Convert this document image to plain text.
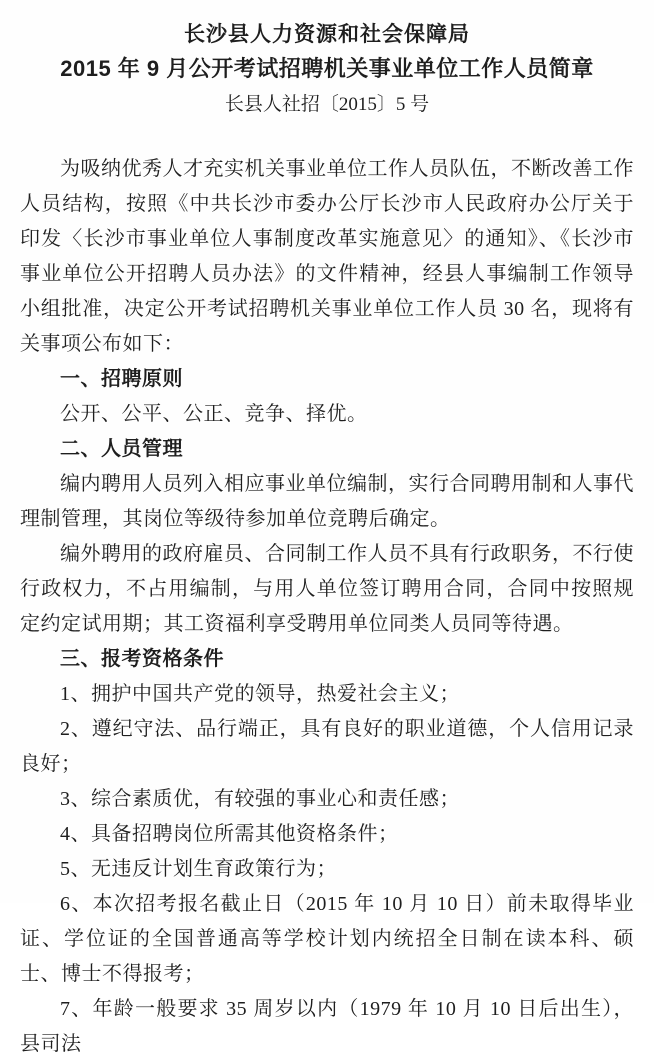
长沙县人力资源和社会保障局
2015 年 9 月公开考试招聘机关事业单位工作人员简章
长县人社招〔2015〕5 号

为吸纳优秀人才充实机关事业单位工作人员队伍，不断改善工作人员结构，按照《中共长沙市委办公厅长沙市人民政府办公厅关于印发〈长沙市事业单位人事制度改革实施意见〉的通知》、《长沙市事业单位公开招聘人员办法》的文件精神，经县人事编制工作领导小组批准，决定公开考试招聘机关事业单位工作人员 30 名，现将有关事项公布如下：

一、招聘原则

公开、公平、公正、竞争、择优。

二、人员管理

编内聘用人员列入相应事业单位编制，实行合同聘用制和人事代理制管理，其岗位等级待参加单位竞聘后确定。

编外聘用的政府雇员、合同制工作人员不具有行政职务，不行使行政权力，不占用编制，与用人单位签订聘用合同，合同中按照规定约定试用期；其工资福利享受聘用单位同类人员同等待遇。

三、报考资格条件

1、拥护中国共产党的领导，热爱社会主义；

2、遵纪守法、品行端正，具有良好的职业道德，个人信用记录良好；

3、综合素质优，有较强的事业心和责任感；

4、具备招聘岗位所需其他资格条件；

5、无违反计划生育政策行为；

6、本次招考报名截止日（2015 年 10 月 10 日）前未取得毕业证、学位证的全国普通高等学校计划内统招全日制在读本科、硕士、博士不得报考；

7、年龄一般要求 35 周岁以内（1979 年 10 月 10 日后出生），县司法
